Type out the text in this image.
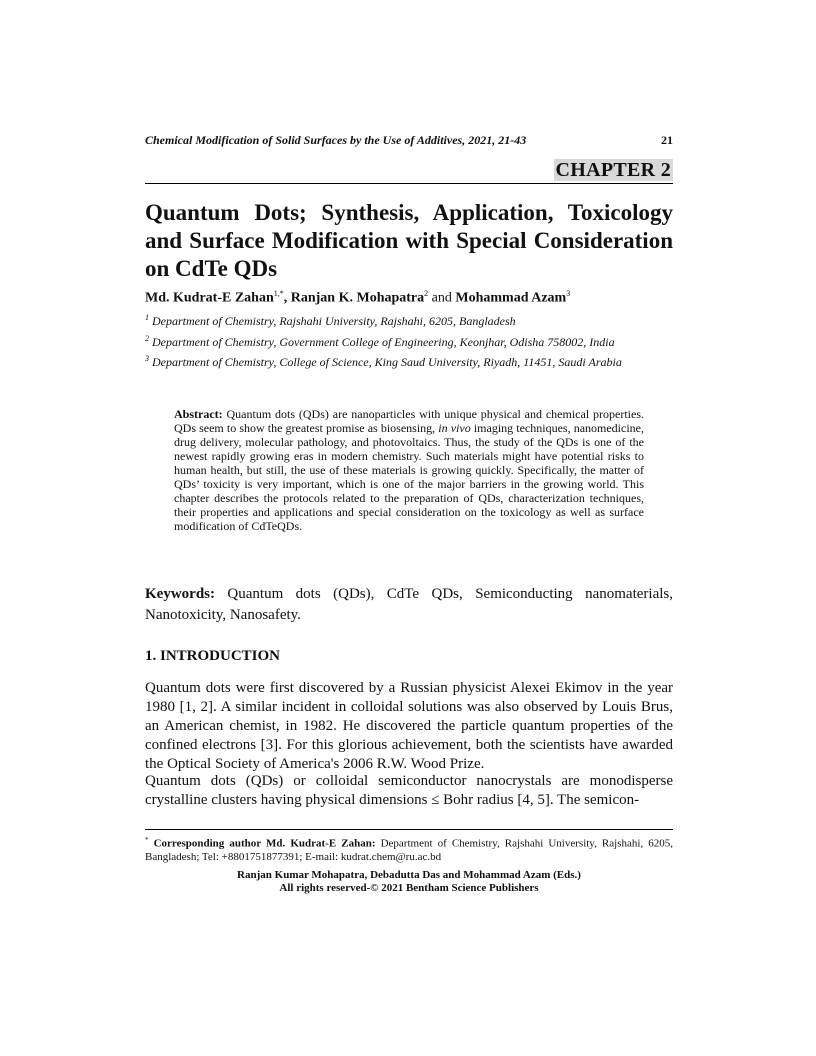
Chemical Modification of Solid Surfaces by the Use of Additives, 2021, 21-43	21
CHAPTER 2
Quantum Dots; Synthesis, Application, Toxicology and Surface Modification with Special Consideration on CdTe QDs
Md. Kudrat-E Zahan$^{1,*}$, Ranjan K. Mohapatra$^2$ and Mohammad Azam$^3$
$^1$ Department of Chemistry, Rajshahi University, Rajshahi, 6205, Bangladesh
$^2$ Department of Chemistry, Government College of Engineering, Keonjhar, Odisha 758002, India
$^3$ Department of Chemistry, College of Science, King Saud University, Riyadh, 11451, Saudi Arabia
Abstract: Quantum dots (QDs) are nanoparticles with unique physical and chemical properties. QDs seem to show the greatest promise as biosensing, in vivo imaging techniques, nanomedicine, drug delivery, molecular pathology, and photovoltaics. Thus, the study of the QDs is one of the newest rapidly growing eras in modern chemistry. Such materials might have potential risks to human health, but still, the use of these materials is growing quickly. Specifically, the matter of QDs’ toxicity is very important, which is one of the major barriers in the growing world. This chapter describes the protocols related to the preparation of QDs, characterization techniques, their properties and applications and special consideration on the toxicology as well as surface modification of CdTeQDs.
Keywords: Quantum dots (QDs), CdTe QDs, Semiconducting nanomaterials, Nanotoxicity, Nanosafety.
1. INTRODUCTION
Quantum dots were first discovered by a Russian physicist Alexei Ekimov in the year 1980 [1, 2]. A similar incident in colloidal solutions was also observed by Louis Brus, an American chemist, in 1982. He discovered the particle quantum properties of the confined electrons [3]. For this glorious achievement, both the scientists have awarded the Optical Society of America's 2006 R.W. Wood Prize.
Quantum dots (QDs) or colloidal semiconductor nanocrystals are monodisperse crystalline clusters having physical dimensions ≤ Bohr radius [4, 5]. The semicon-
* Corresponding author Md. Kudrat-E Zahan: Department of Chemistry, Rajshahi University, Rajshahi, 6205, Bangladesh; Tel: +8801751877391; E-mail: kudrat.chem@ru.ac.bd
Ranjan Kumar Mohapatra, Debadutta Das and Mohammad Azam (Eds.)
All rights reserved-© 2021 Bentham Science Publishers
